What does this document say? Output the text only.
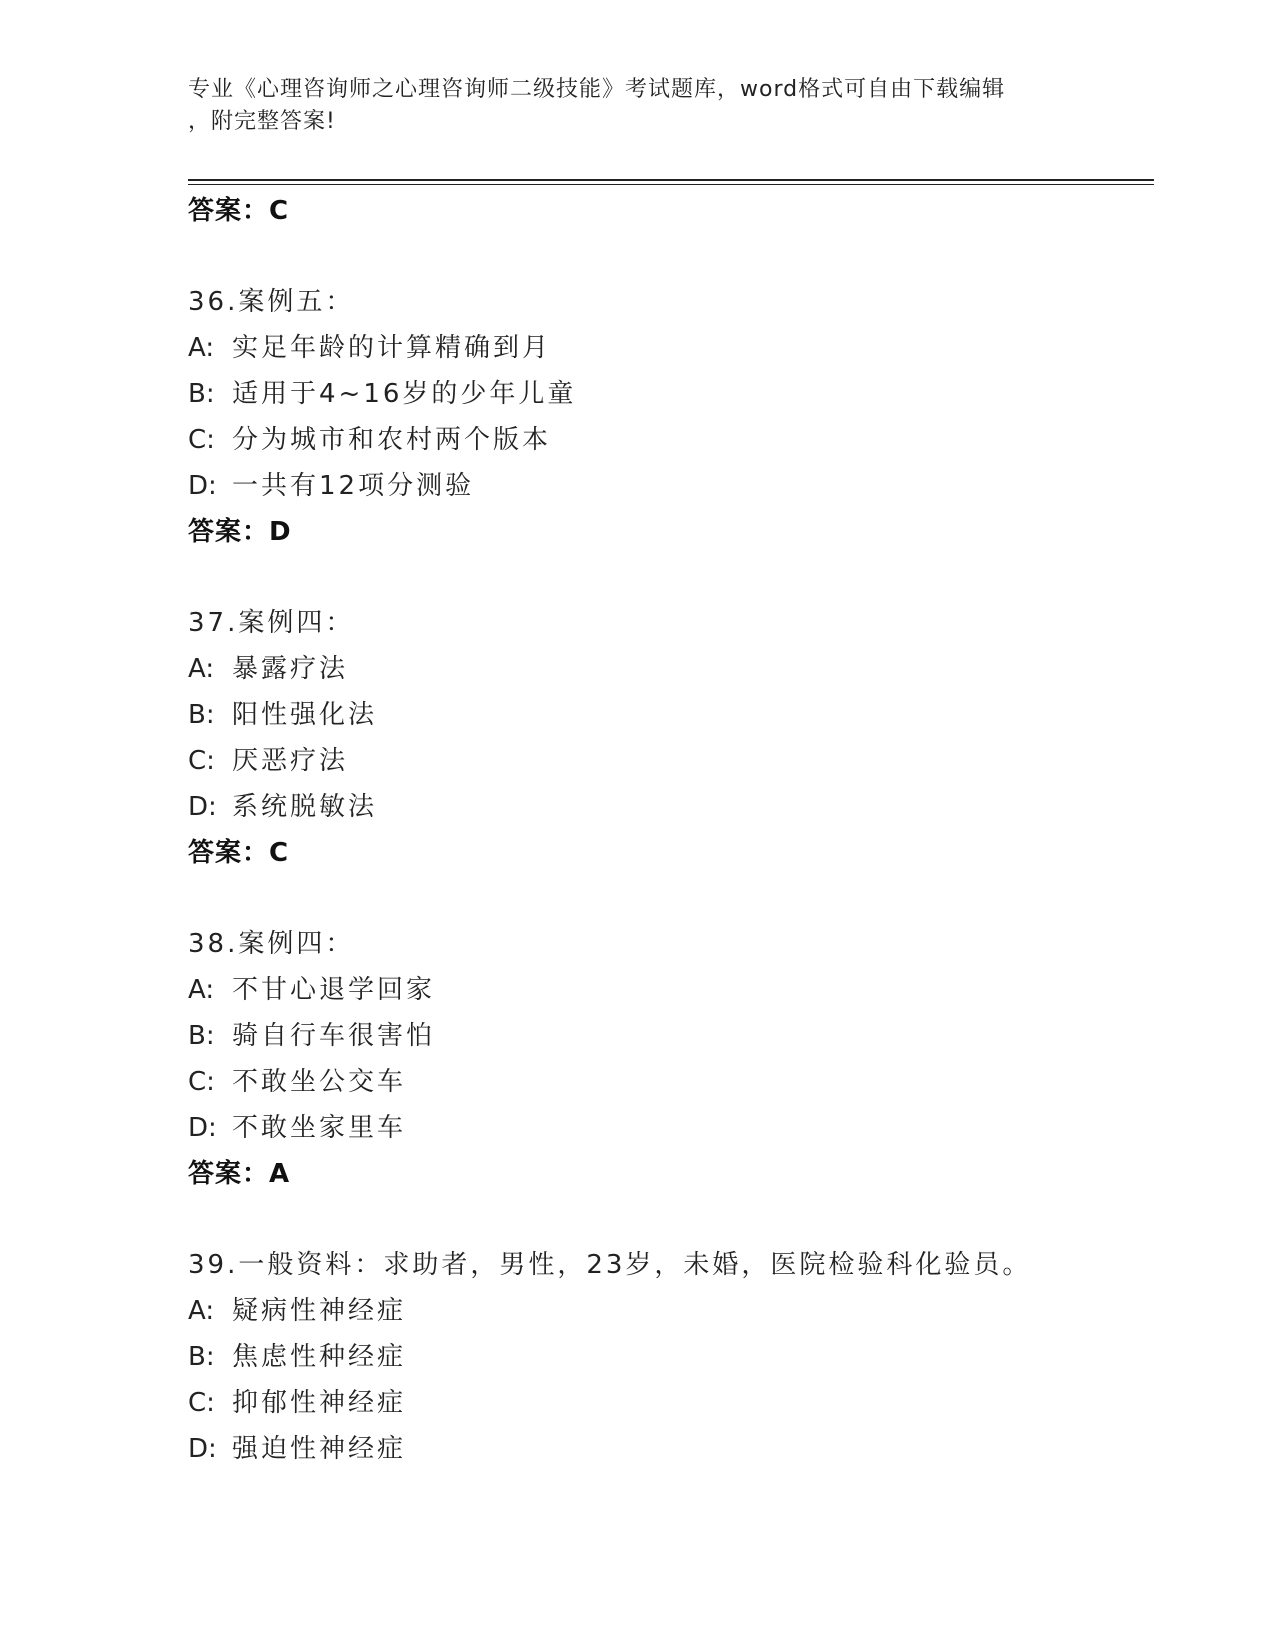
专业《心理咨询师之心理咨询师二级技能》考试题库，word格式可自由下载编辑
，附完整答案!
答案：C
36.案例五：
A: 实足年龄的计算精确到月
B: 适用于4~16岁的少年儿童
C: 分为城市和农村两个版本
D: 一共有12项分测验
答案：D
37.案例四：
A: 暴露疗法
B: 阳性强化法
C: 厌恶疗法
D: 系统脱敏法
答案：C
38.案例四：
A: 不甘心退学回家
B: 骑自行车很害怕
C: 不敢坐公交车
D: 不敢坐家里车
答案：A
39.一般资料：求助者，男性，23岁，未婚，医院检验科化验员。
A: 疑病性神经症
B: 焦虑性种经症
C: 抑郁性神经症
D: 强迫性神经症
